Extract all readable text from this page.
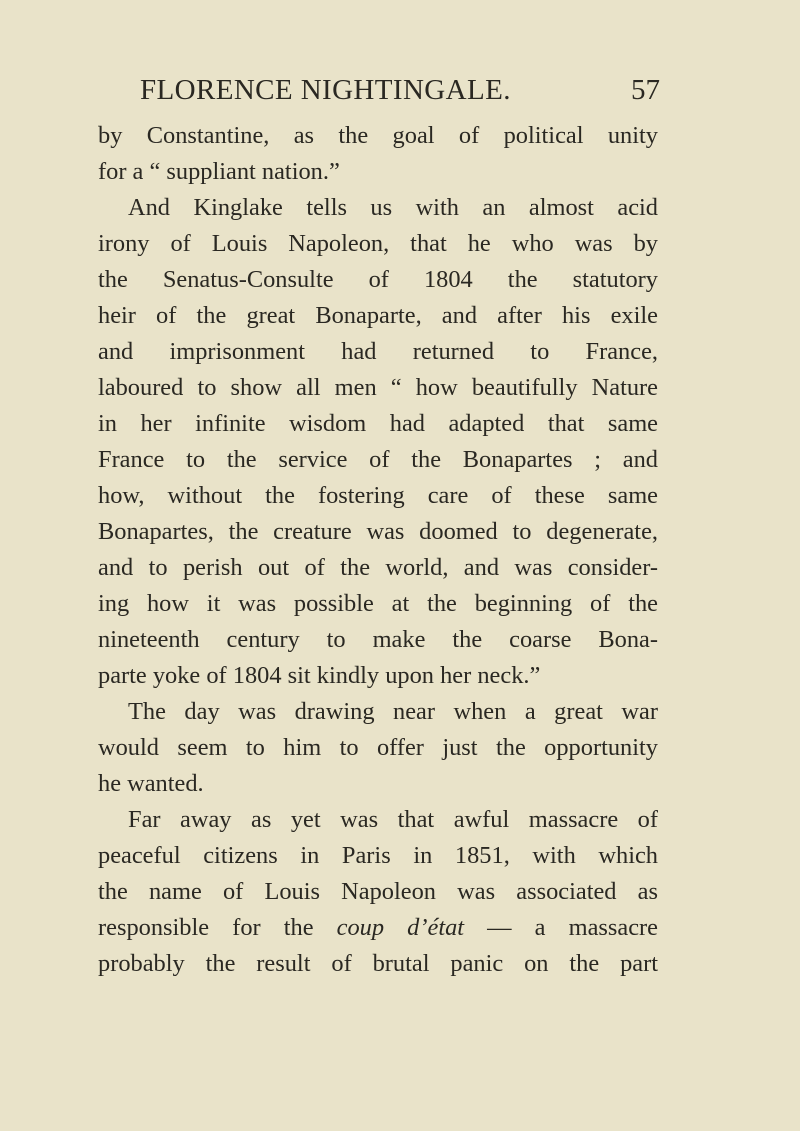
FLORENCE NIGHTINGALE.	57
by Constantine, as the goal of political unity
for a “ suppliant nation.”
And Kinglake tells us with an almost acid
irony of Louis Napoleon, that he who was by
the Senatus-Consulte of 1804 the statutory
heir of the great Bonaparte, and after his exile
and imprisonment had returned to France,
laboured to show all men “ how beautifully Nature
in her infinite wisdom had adapted that same
France to the service of the Bonapartes ; and
how, without the fostering care of these same
Bonapartes, the creature was doomed to degenerate,
and to perish out of the world, and was consider-
ing how it was possible at the beginning of the
nineteenth century to make the coarse Bona-
parte yoke of 1804 sit kindly upon her neck.”
The day was drawing near when a great war
would seem to him to offer just the opportunity
he wanted.
Far away as yet was that awful massacre of
peaceful citizens in Paris in 1851, with which
the name of Louis Napoleon was associated as
responsible for the coup d’état — a massacre
probably the result of brutal panic on the part
